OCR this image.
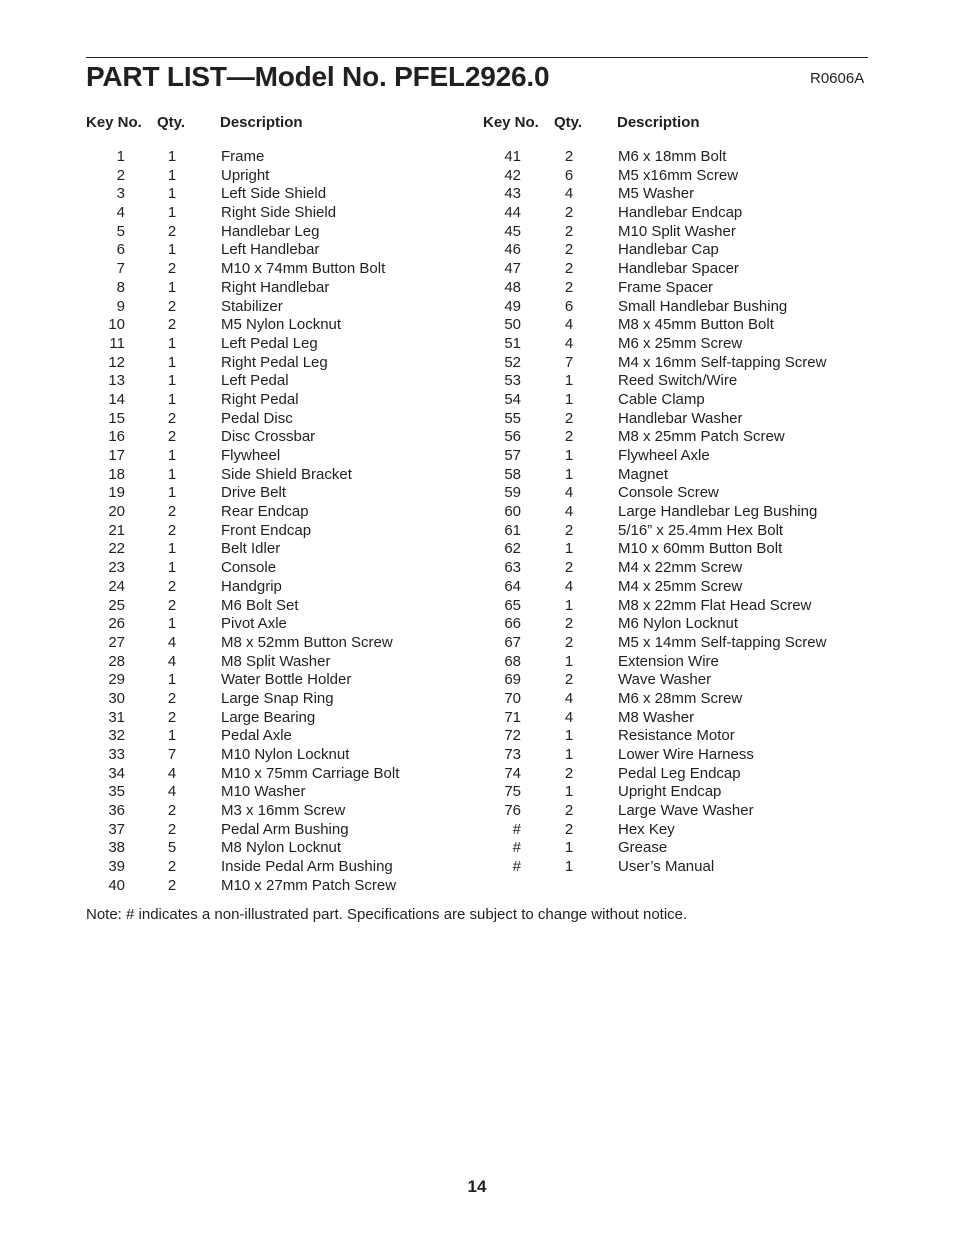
PART LIST—Model No. PFEL2926.0	R0606A
Key No. Qty. Description	Key No. Qty. Description
1	1	Frame
2	1	Upright
3	1	Left Side Shield
4	1	Right Side Shield
5	2	Handlebar Leg
6	1	Left Handlebar
7	2	M10 x 74mm Button Bolt
8	1	Right Handlebar
9	2	Stabilizer
10	2	M5 Nylon Locknut
11	1	Left Pedal Leg
12	1	Right Pedal Leg
13	1	Left Pedal
14	1	Right Pedal
15	2	Pedal Disc
16	2	Disc Crossbar
17	1	Flywheel
18	1	Side Shield Bracket
19	1	Drive Belt
20	2	Rear Endcap
21	2	Front Endcap
22	1	Belt Idler
23	1	Console
24	2	Handgrip
25	2	M6 Bolt Set
26	1	Pivot Axle
27	4	M8 x 52mm Button Screw
28	4	M8 Split Washer
29	1	Water Bottle Holder
30	2	Large Snap Ring
31	2	Large Bearing
32	1	Pedal Axle
33	7	M10 Nylon Locknut
34	4	M10 x 75mm Carriage Bolt
35	4	M10 Washer
36	2	M3 x 16mm Screw
37	2	Pedal Arm Bushing
38	5	M8 Nylon Locknut
39	2	Inside Pedal Arm Bushing
40	2	M10 x 27mm Patch Screw
41	2	M6 x 18mm Bolt
42	6	M5 x16mm Screw
43	4	M5 Washer
44	2	Handlebar Endcap
45	2	M10 Split Washer
46	2	Handlebar Cap
47	2	Handlebar Spacer
48	2	Frame Spacer
49	6	Small Handlebar Bushing
50	4	M8 x 45mm Button Bolt
51	4	M6 x 25mm Screw
52	7	M4 x 16mm Self-tapping Screw
53	1	Reed Switch/Wire
54	1	Cable Clamp
55	2	Handlebar Washer
56	2	M8 x 25mm Patch Screw
57	1	Flywheel Axle
58	1	Magnet
59	4	Console Screw
60	4	Large Handlebar Leg Bushing
61	2	5/16” x 25.4mm Hex Bolt
62	1	M10 x 60mm Button Bolt
63	2	M4 x 22mm Screw
64	4	M4 x 25mm Screw
65	1	M8 x 22mm Flat Head Screw
66	2	M6 Nylon Locknut
67	2	M5 x 14mm Self-tapping Screw
68	1	Extension Wire
69	2	Wave Washer
70	4	M6 x 28mm Screw
71	4	M8 Washer
72	1	Resistance Motor
73	1	Lower Wire Harness
74	2	Pedal Leg Endcap
75	1	Upright Endcap
76	2	Large Wave Washer
#	2	Hex Key
#	1	Grease
#	1	User’s Manual
Note: # indicates a non-illustrated part. Specifications are subject to change without notice.
14
